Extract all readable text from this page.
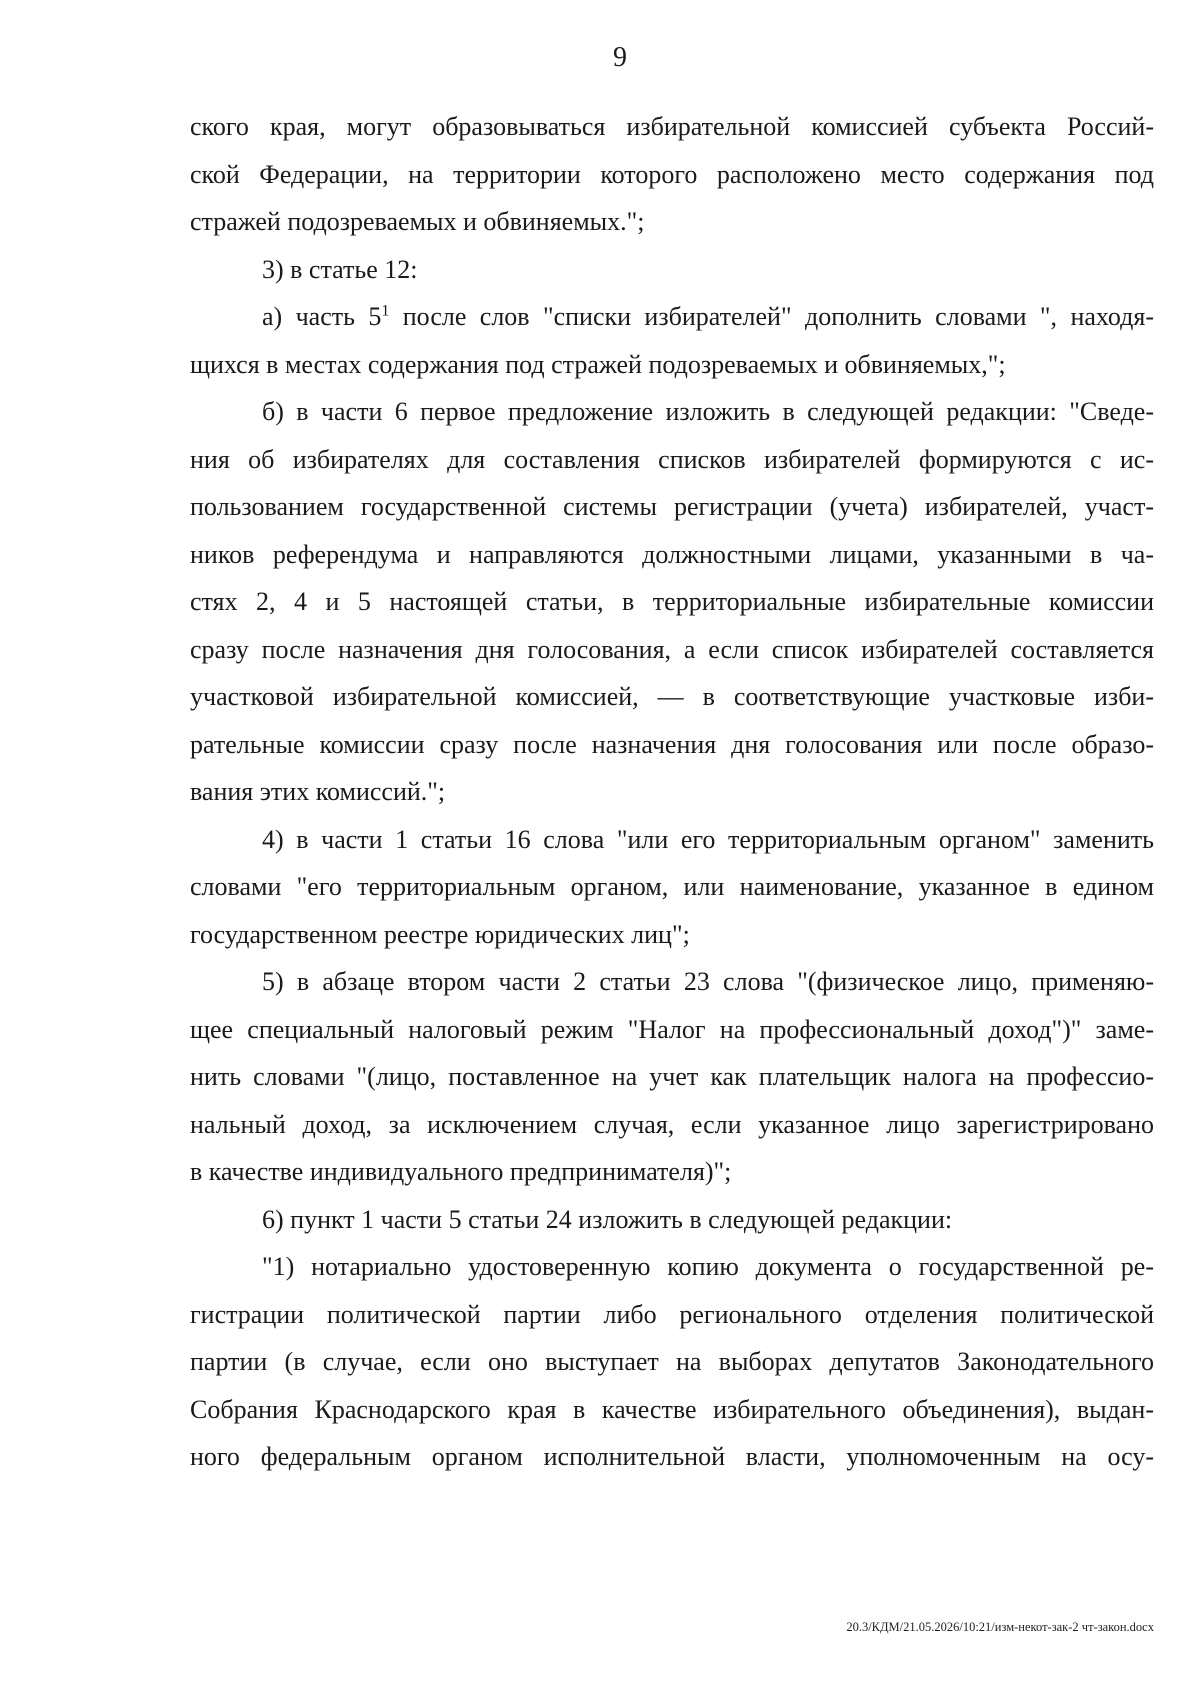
9

ского края, могут образовываться избирательной комиссией субъекта Россий-
ской Федерации, на территории которого расположено место содержания под
стражей подозреваемых и обвиняемых.";

3) в статье 12:

а) часть $5^1$ после слов "списки избирателей" дополнить словами ", находя-
щихся в местах содержания под стражей подозреваемых и обвиняемых,";

б) в части 6 первое предложение изложить в следующей редакции: "Сведе-
ния об избирателях для составления списков избирателей формируются с ис-
пользованием государственной системы регистрации (учета) избирателей, участ-
ников референдума и направляются должностными лицами, указанными в ча-
стях 2, 4 и 5 настоящей статьи, в территориальные избирательные комиссии
сразу после назначения дня голосования, а если список избирателей составляется
участковой избирательной комиссией, — в соответствующие участковые изби-
рательные комиссии сразу после назначения дня голосования или после образо-
вания этих комиссий.";

4) в части 1 статьи 16 слова "или его территориальным органом" заменить
словами "его территориальным органом, или наименование, указанное в едином
государственном реестре юридических лиц";

5) в абзаце втором части 2 статьи 23 слова "(физическое лицо, применяю-
щее специальный налоговый режим "Налог на профессиональный доход")" заме-
нить словами "(лицо, поставленное на учет как плательщик налога на профессио-
нальный доход, за исключением случая, если указанное лицо зарегистрировано
в качестве индивидуального предпринимателя)";

6) пункт 1 части 5 статьи 24 изложить в следующей редакции:

"1) нотариально удостоверенную копию документа о государственной ре-
гистрации политической партии либо регионального отделения политической
партии (в случае, если оно выступает на выборах депутатов Законодательного
Собрания Краснодарского края в качестве избирательного объединения), выдан-
ного федеральным органом исполнительной власти, уполномоченным на осу-

20.3/КДМ/21.05.2026/10:21/изм-некот-зак-2 чт-закон.docx
